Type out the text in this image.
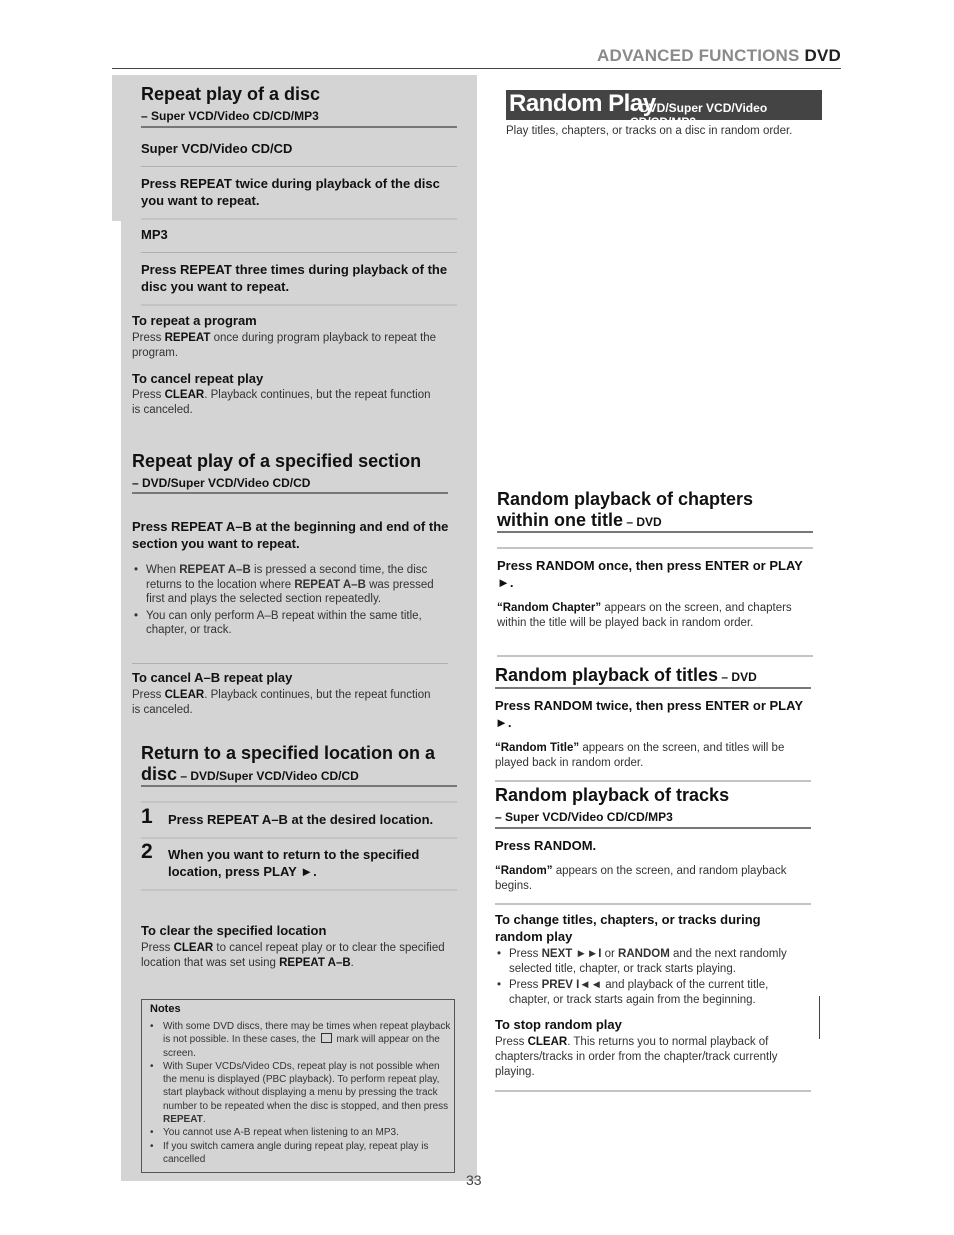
ADVANCED FUNCTIONS DVD
Repeat play of a disc
– Super VCD/Video CD/CD/MP3
Super VCD/Video CD/CD
Press REPEAT twice during playback of the disc you want to repeat.
MP3
Press REPEAT three times during playback of the disc you want to repeat.
To repeat a program
Press REPEAT once during program playback to repeat the program.
To cancel repeat play
Press CLEAR. Playback continues, but the repeat function is canceled.
Repeat play of a specified section
– DVD/Super VCD/Video CD/CD
Press REPEAT A–B at the beginning and end of the section you want to repeat.
• When REPEAT A–B is pressed a second time, the disc returns to the location where REPEAT A–B was pressed first and plays the selected section repeatedly.
• You can only perform A–B repeat within the same title, chapter, or track.
To cancel A–B repeat play
Press CLEAR. Playback continues, but the repeat function is canceled.
Return to a specified location on a
disc – DVD/Super VCD/Video CD/CD
1 Press REPEAT A–B at the desired location.
2 When you want to return to the specified location, press PLAY ►.
To clear the specified location
Press CLEAR to cancel repeat play or to clear the specified location that was set using REPEAT A–B.
Notes
• With some DVD discs, there may be times when repeat playback is not possible. In these cases, the  mark will appear on the screen.
• With Super VCDs/Video CDs, repeat play is not possible when the menu is displayed (PBC playback). To perform repeat play, start playback without displaying a menu by pressing the track number to be repeated when the disc is stopped, and then press REPEAT.
• You cannot use A-B repeat when listening to an MP3.
• If you switch camera angle during repeat play, repeat play is cancelled
Random Play
– DVD/Super VCD/Video CD/CD/MP3
Play titles, chapters, or tracks on a disc in random order.
Random playback of chapters
within one title – DVD
Press RANDOM once, then press ENTER or PLAY ►.
“Random Chapter” appears on the screen, and chapters within the title will be played back in random order.
Random playback of titles – DVD
Press RANDOM twice, then press ENTER or PLAY ►.
“Random Title” appears on the screen, and titles will be played back in random order.
Random playback of tracks
– Super VCD/Video CD/CD/MP3
Press RANDOM.
“Random” appears on the screen, and random playback begins.
To change titles, chapters, or tracks during random play
• Press NEXT ►►I or RANDOM and the next randomly selected title, chapter, or track starts playing.
• Press PREV I◄◄ and playback of the current title, chapter, or track starts again from the beginning.
To stop random play
Press CLEAR. This returns you to normal playback of chapters/tracks in order from the chapter/track currently playing.
33
